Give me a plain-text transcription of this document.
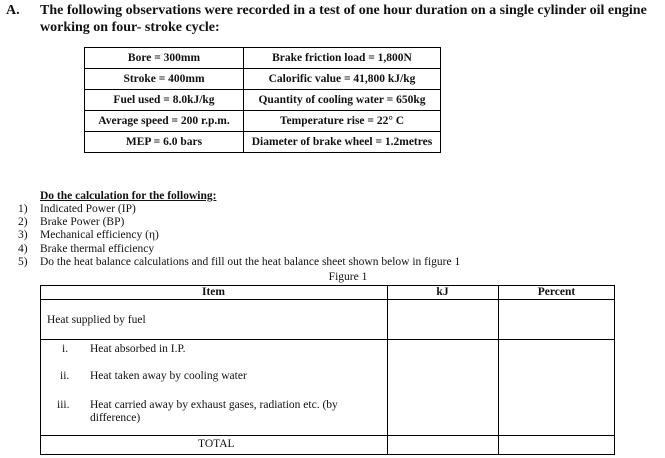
A. The following observations were recorded in a test of one hour duration on a single cylinder oil engine
working on four- stroke cycle:
Bore = 300mm	Brake friction load = 1,800N
Stroke = 400mm	Calorific value = 41,800 kJ/kg
Fuel used = 8.0kJ/kg	Quantity of cooling water = 650kg
Average speed = 200 r.p.m.	Temperature rise = 22° C
MEP = 6.0 bars	Diameter of brake wheel = 1.2metres
Do the calculation for the following:
1) Indicated Power (IP)
2) Brake Power (BP)
3) Mechanical efficiency (η)
4) Brake thermal efficiency
5) Do the heat balance calculations and fill out the heat balance sheet shown below in figure 1
Figure 1
Item	kJ	Percent
Heat supplied by fuel
i. Heat absorbed in I.P.
ii. Heat taken away by cooling water
iii. Heat carried away by exhaust gases, radiation etc. (by
difference)
TOTAL
